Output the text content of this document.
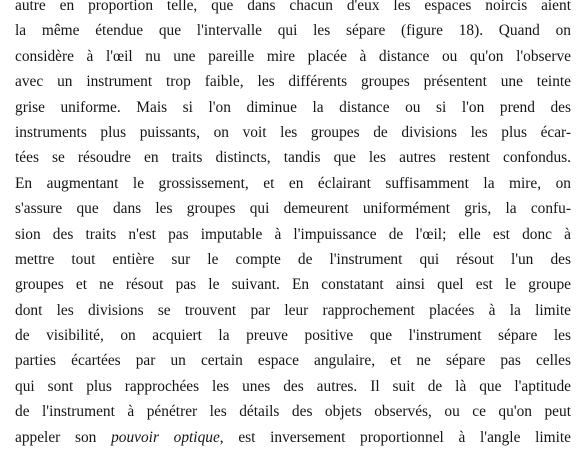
autre en proportion telle, que dans chacun d'eux les espaces noircis aient
la même étendue que l'intervalle qui les sépare (figure 18). Quand on
considère à l'œil nu une pareille mire placée à distance ou qu'on l'observe
avec un instrument trop faible, les différents groupes présentent une teinte
grise uniforme. Mais si l'on diminue la distance ou si l'on prend des
instruments plus puissants, on voit les groupes de divisions les plus écar-
tées se résoudre en traits distincts, tandis que les autres restent confondus.
En augmentant le grossissement, et en éclairant suffisamment la mire, on
s'assure que dans les groupes qui demeurent uniformément gris, la confu-
sion des traits n'est pas imputable à l'impuissance de l'œil; elle est donc à
mettre tout entière sur le compte de l'instrument qui résout l'un des
groupes et ne résout pas le suivant. En constatant ainsi quel est le groupe
dont les divisions se trouvent par leur rapprochement placées à la limite
de visibilité, on acquiert la preuve positive que l'instrument sépare les
parties écartées par un certain espace angulaire, et ne sépare pas celles
qui sont plus rapprochées les unes des autres. Il suit de là que l'aptitude
de l'instrument à pénétrer les détails des objets observés, ou ce qu'on peut
appeler son pouvoir optique, est inversement proportionnel à l'angle limite
